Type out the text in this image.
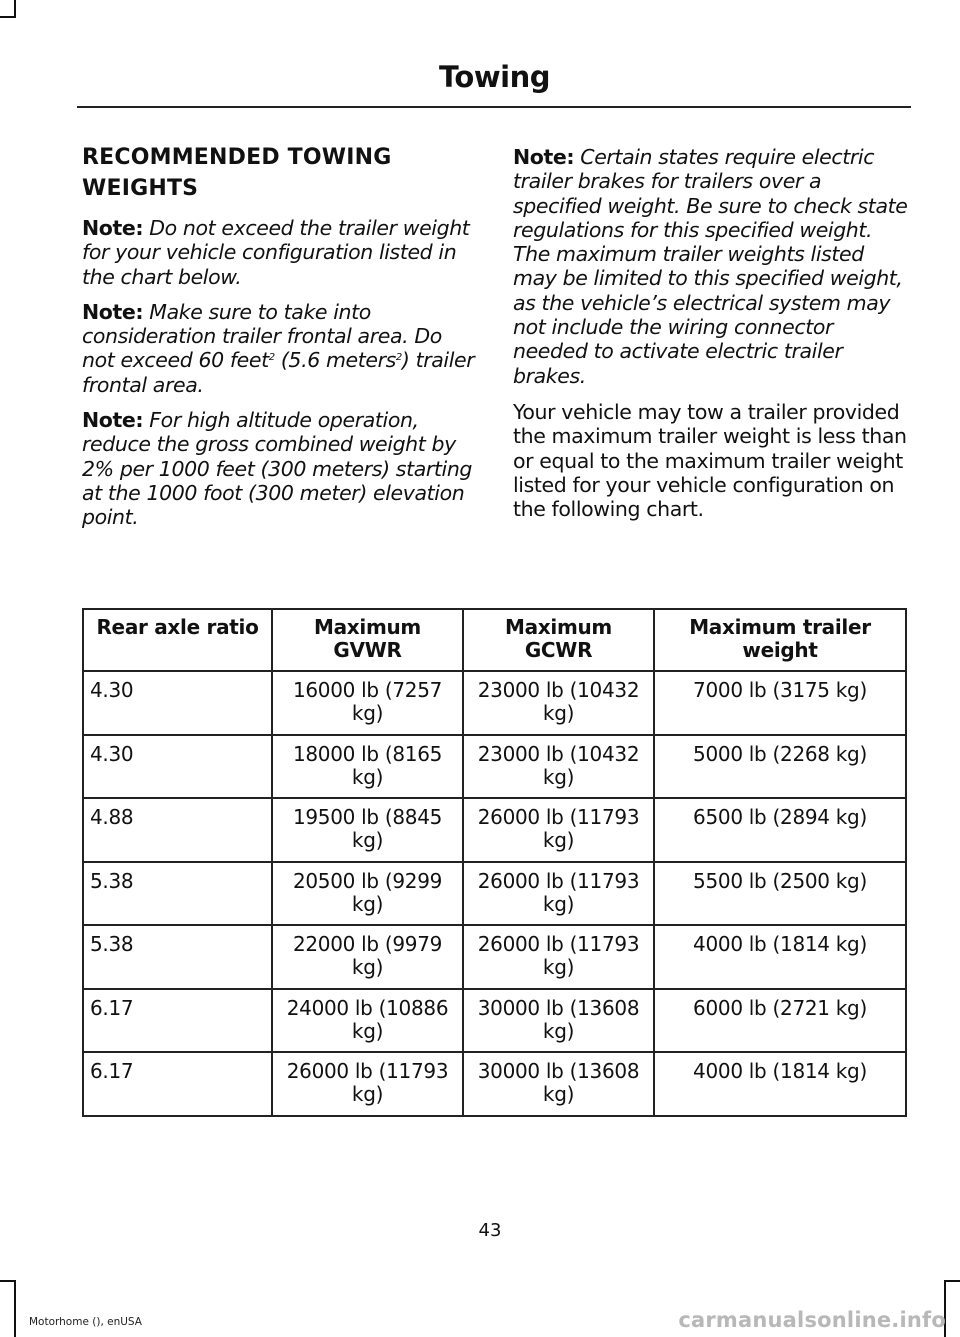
Towing
RECOMMENDED TOWING
WEIGHTS

Note: Do not exceed the trailer weight for your vehicle configuration listed in the chart below.

Note: Make sure to take into consideration trailer frontal area. Do not exceed 60 feet$^2$ (5.6 meters$^2$) trailer frontal area.

Note: For high altitude operation, reduce the gross combined weight by 2% per 1000 feet (300 meters) starting at the 1000 foot (300 meter) elevation point.

Note: Certain states require electric trailer brakes for trailers over a specified weight. Be sure to check state regulations for this specified weight. The maximum trailer weights listed may be limited to this specified weight, as the vehicle’s electrical system may not include the wiring connector needed to activate electric trailer brakes.

Your vehicle may tow a trailer provided the maximum trailer weight is less than or equal to the maximum trailer weight listed for your vehicle configuration on the following chart.

Rear axle ratio	Maximum GVWR	Maximum GCWR	Maximum trailer weight
4.30	16000 lb (7257 kg)	23000 lb (10432 kg)	7000 lb (3175 kg)
4.30	18000 lb (8165 kg)	23000 lb (10432 kg)	5000 lb (2268 kg)
4.88	19500 lb (8845 kg)	26000 lb (11793 kg)	6500 lb (2894 kg)
5.38	20500 lb (9299 kg)	26000 lb (11793 kg)	5500 lb (2500 kg)
5.38	22000 lb (9979 kg)	26000 lb (11793 kg)	4000 lb (1814 kg)
6.17	24000 lb (10886 kg)	30000 lb (13608 kg)	6000 lb (2721 kg)
6.17	26000 lb (11793 kg)	30000 lb (13608 kg)	4000 lb (1814 kg)
43
Motorhome (), enUSA	carmanualsonline.info
